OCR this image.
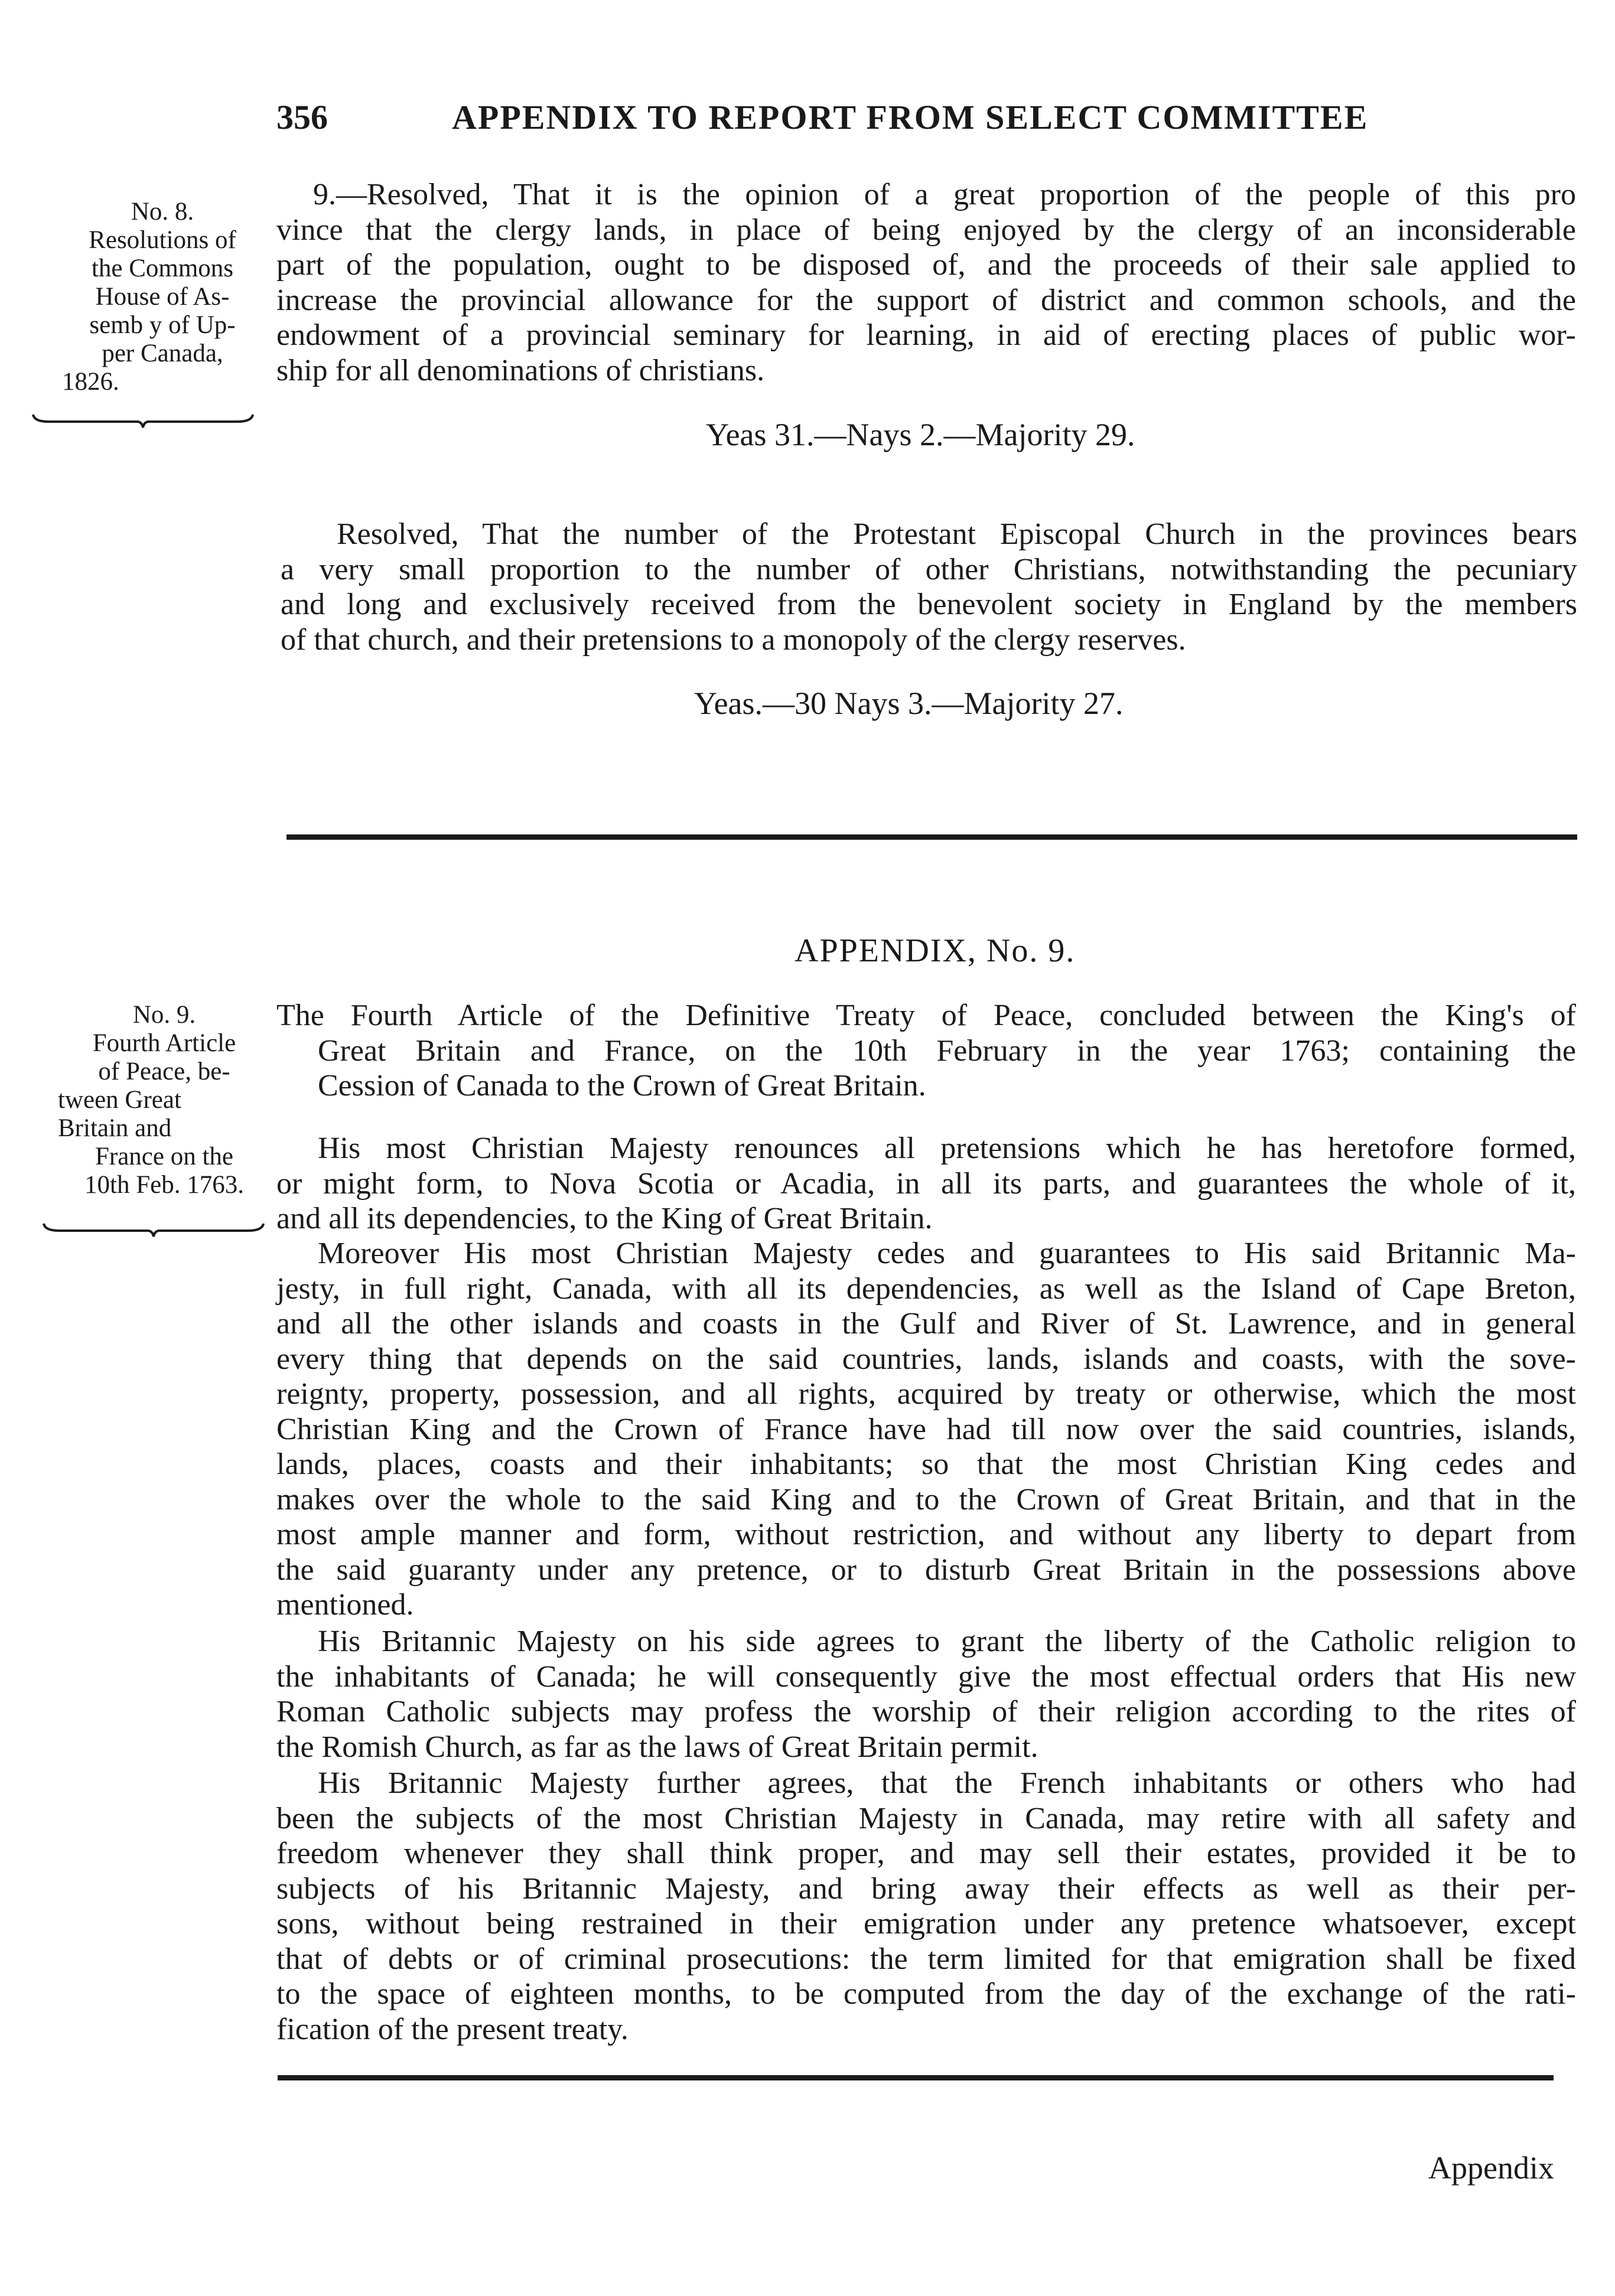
356	APPENDIX TO REPORT FROM SELECT COMMITTEE
No. 8.
Resolutions of
the Commons
House of As-
semb y of Up-
per Canada,
1826.
9.—Resolved, That it is the opinion of a great proportion of the people of this pro
vince that the clergy lands, in place of being enjoyed by the clergy of an inconsiderable
part of the population, ought to be disposed of, and the proceeds of their sale applied to
increase the provincial allowance for the support of district and common schools, and the
endowment of a provincial seminary for learning, in aid of erecting places of public wor-
ship for all denominations of christians.
Yeas 31.—Nays 2.—Majority 29.
Resolved, That the number of the Protestant Episcopal Church in the provinces bears
a very small proportion to the number of other Christians, notwithstanding the pecuniary
and long and exclusively received from the benevolent society in England by the members
of that church, and their pretensions to a monopoly of the clergy reserves.
Yeas.—30 Nays 3.—Majority 27.
APPENDIX, No. 9.
No. 9.
Fourth Article
of Peace, be-
tween Great
Britain and
France on the
10th Feb. 1763.
The Fourth Article of the Definitive Treaty of Peace, concluded between the King's of
Great Britain and France, on the 10th February in the year 1763; containing the
Cession of Canada to the Crown of Great Britain.
His most Christian Majesty renounces all pretensions which he has heretofore formed,
or might form, to Nova Scotia or Acadia, in all its parts, and guarantees the whole of it,
and all its dependencies, to the King of Great Britain.
Moreover His most Christian Majesty cedes and guarantees to His said Britannic Ma-
jesty, in full right, Canada, with all its dependencies, as well as the Island of Cape Breton,
and all the other islands and coasts in the Gulf and River of St. Lawrence, and in general
every thing that depends on the said countries, lands, islands and coasts, with the sove-
reignty, property, possession, and all rights, acquired by treaty or otherwise, which the most
Christian King and the Crown of France have had till now over the said countries, islands,
lands, places, coasts and their inhabitants; so that the most Christian King cedes and
makes over the whole to the said King and to the Crown of Great Britain, and that in the
most ample manner and form, without restriction, and without any liberty to depart from
the said guaranty under any pretence, or to disturb Great Britain in the possessions above
mentioned.
His Britannic Majesty on his side agrees to grant the liberty of the Catholic religion to
the inhabitants of Canada; he will consequently give the most effectual orders that His new
Roman Catholic subjects may profess the worship of their religion according to the rites of
the Romish Church, as far as the laws of Great Britain permit.
His Britannic Majesty further agrees, that the French inhabitants or others who had
been the subjects of the most Christian Majesty in Canada, may retire with all safety and
freedom whenever they shall think proper, and may sell their estates, provided it be to
subjects of his Britannic Majesty, and bring away their effects as well as their per-
sons, without being restrained in their emigration under any pretence whatsoever, except
that of debts or of criminal prosecutions: the term limited for that emigration shall be fixed
to the space of eighteen months, to be computed from the day of the exchange of the rati-
fication of the present treaty.
Appendix
